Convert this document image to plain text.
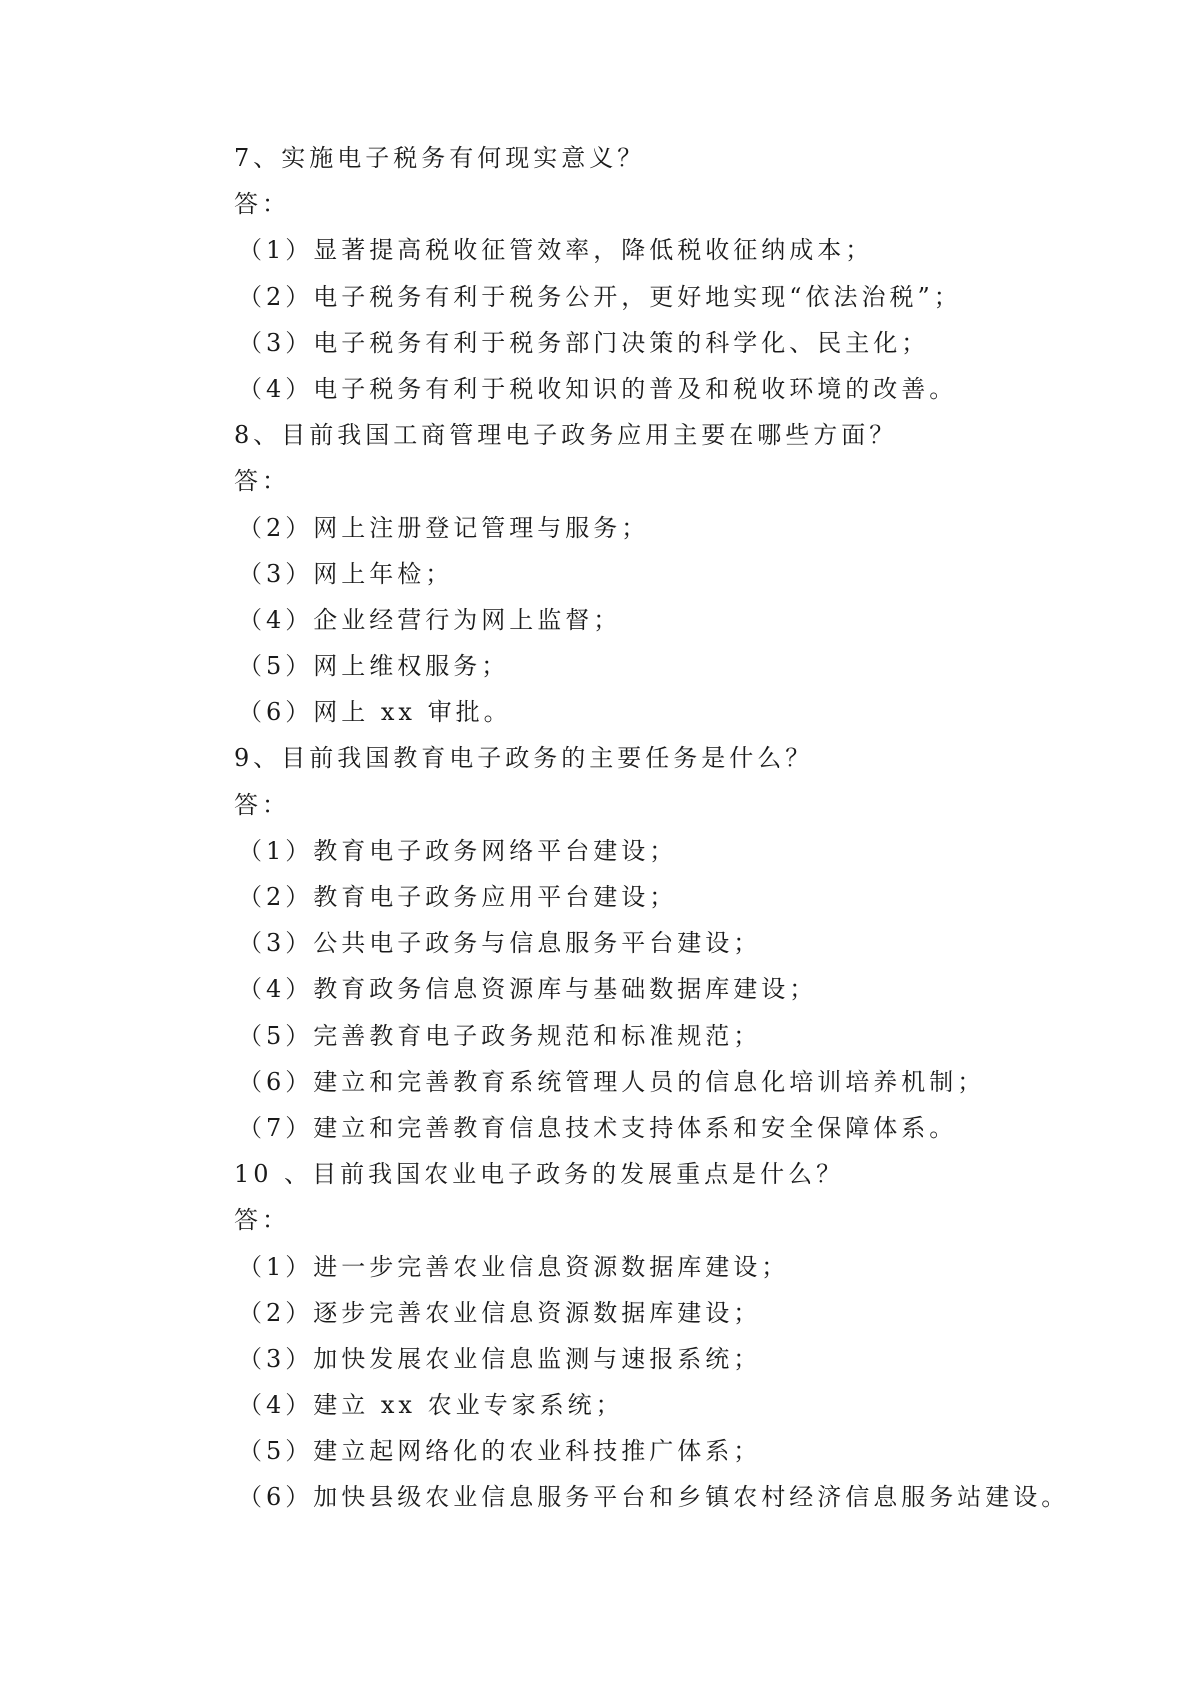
7、实施电子税务有何现实意义？
答：
（1）显著提高税收征管效率，降低税收征纳成本；
（2）电子税务有利于税务公开，更好地实现“依法治税”；
（3）电子税务有利于税务部门决策的科学化、民主化；
（4）电子税务有利于税收知识的普及和税收环境的改善。
8、目前我国工商管理电子政务应用主要在哪些方面？
答：
（2）网上注册登记管理与服务；
（3）网上年检；
（4）企业经营行为网上监督；
（5）网上维权服务；
（6）网上 xx 审批。
9、目前我国教育电子政务的主要任务是什么？
答：
（1）教育电子政务网络平台建设；
（2）教育电子政务应用平台建设；
（3）公共电子政务与信息服务平台建设；
（4）教育政务信息资源库与基础数据库建设；
（5）完善教育电子政务规范和标准规范；
（6）建立和完善教育系统管理人员的信息化培训培养机制；
（7）建立和完善教育信息技术支持体系和安全保障体系。
10 、目前我国农业电子政务的发展重点是什么？
答：
（1）进一步完善农业信息资源数据库建设；
（2）逐步完善农业信息资源数据库建设；
（3）加快发展农业信息监测与速报系统；
（4）建立 xx 农业专家系统；
（5）建立起网络化的农业科技推广体系；
（6）加快县级农业信息服务平台和乡镇农村经济信息服务站建设。
